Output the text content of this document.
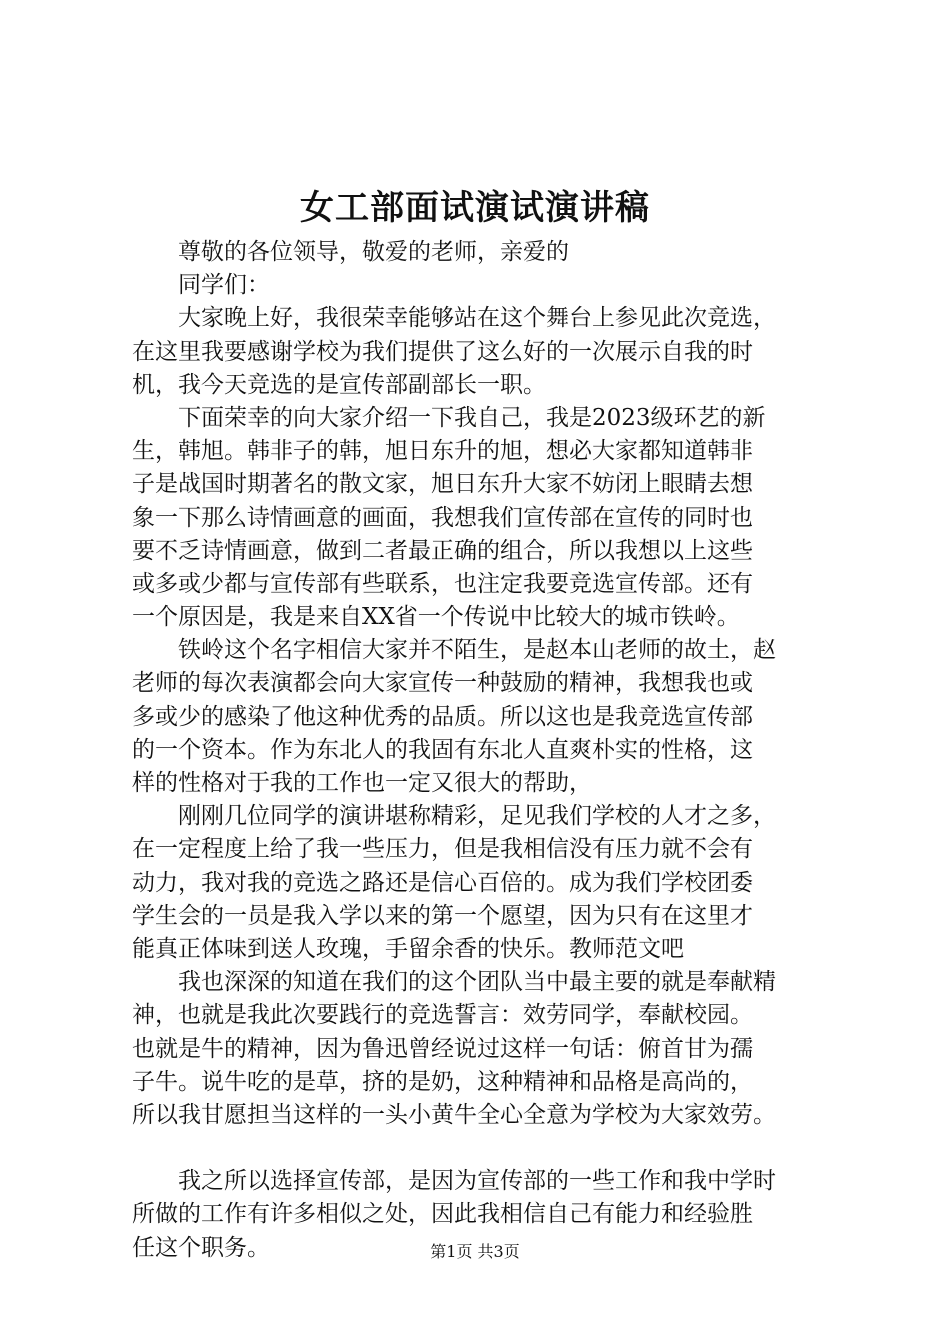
女工部面试演试演讲稿
尊敬的各位领导，敬爱的老师，亲爱的
同学们：
大家晚上好，我很荣幸能够站在这个舞台上参见此次竞选，
在这里我要感谢学校为我们提供了这么好的一次展示自我的时
机，我今天竞选的是宣传部副部长一职。
下面荣幸的向大家介绍一下我自己，我是2023级环艺的新
生，韩旭。韩非子的韩，旭日东升的旭，想必大家都知道韩非
子是战国时期著名的散文家，旭日东升大家不妨闭上眼睛去想
象一下那么诗情画意的画面，我想我们宣传部在宣传的同时也
要不乏诗情画意，做到二者最正确的组合，所以我想以上这些
或多或少都与宣传部有些联系，也注定我要竞选宣传部。还有
一个原因是，我是来自XX省一个传说中比较大的城市铁岭。
铁岭这个名字相信大家并不陌生，是赵本山老师的故土，赵
老师的每次表演都会向大家宣传一种鼓励的精神，我想我也或
多或少的感染了他这种优秀的品质。所以这也是我竞选宣传部
的一个资本。作为东北人的我固有东北人直爽朴实的性格，这
样的性格对于我的工作也一定又很大的帮助，
刚刚几位同学的演讲堪称精彩，足见我们学校的人才之多，
在一定程度上给了我一些压力，但是我相信没有压力就不会有
动力，我对我的竞选之路还是信心百倍的。成为我们学校团委
学生会的一员是我入学以来的第一个愿望，因为只有在这里才
能真正体味到送人玫瑰，手留余香的快乐。教师范文吧
我也深深的知道在我们的这个团队当中最主要的就是奉献精
神，也就是我此次要践行的竞选誓言：效劳同学，奉献校园。
也就是牛的精神，因为鲁迅曾经说过这样一句话：俯首甘为孺
子牛。说牛吃的是草，挤的是奶，这种精神和品格是高尚的，
所以我甘愿担当这样的一头小黄牛全心全意为学校为大家效劳。
我之所以选择宣传部，是因为宣传部的一些工作和我中学时
所做的工作有许多相似之处，因此我相信自己有能力和经验胜
任这个职务。	第1页 共3页
